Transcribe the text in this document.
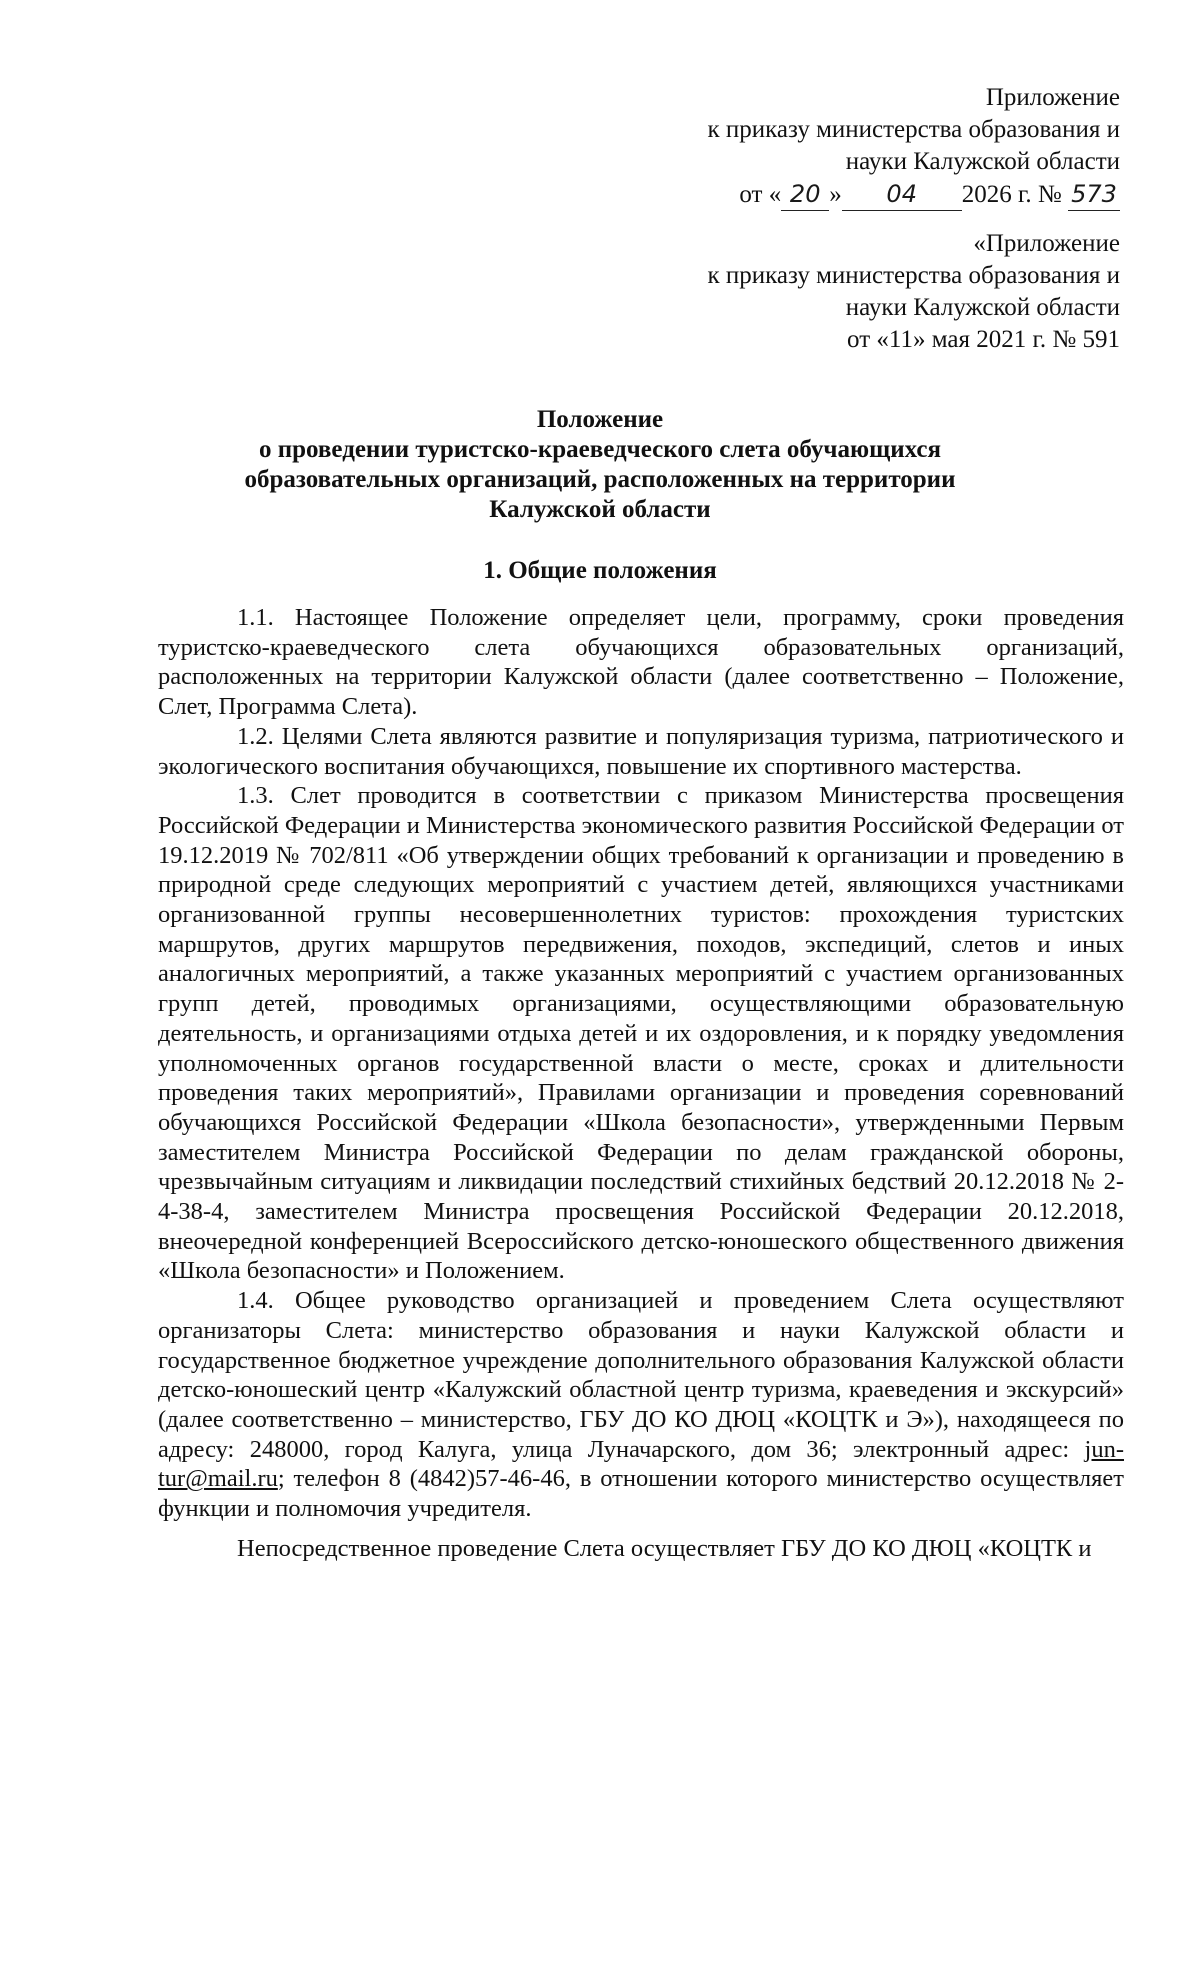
Приложение
к приказу министерства образования и
науки Калужской области
от « 20 » 04 2026 г. № 573
«Приложение
к приказу министерства образования и
науки Калужской области
от «11» мая 2021 г. № 591
Положение
о проведении туристско-краеведческого слета обучающихся
образовательных организаций, расположенных на территории
Калужской области
1. Общие положения

1.1. Настоящее Положение определяет цели, программу, сроки проведения туристско-краеведческого слета обучающихся образовательных организаций, расположенных на территории Калужской области (далее соответственно – Положение, Слет, Программа Слета).

1.2. Целями Слета являются развитие и популяризация туризма, патриотического и экологического воспитания обучающихся, повышение их спортивного мастерства.

1.3. Слет проводится в соответствии с приказом Министерства просвещения Российской Федерации и Министерства экономического развития Российской Федерации от 19.12.2019 № 702/811 «Об утверждении общих требований к организации и проведению в природной среде следующих мероприятий с участием детей, являющихся участниками организованной группы несовершеннолетних туристов: прохождения туристских маршрутов, других маршрутов передвижения, походов, экспедиций, слетов и иных аналогичных мероприятий, а также указанных мероприятий с участием организованных групп детей, проводимых организациями, осуществляющими образовательную деятельность, и организациями отдыха детей и их оздоровления, и к порядку уведомления уполномоченных органов государственной власти о месте, сроках и длительности проведения таких мероприятий», Правилами организации и проведения соревнований обучающихся Российской Федерации «Школа безопасности», утвержденными Первым заместителем Министра Российской Федерации по делам гражданской обороны, чрезвычайным ситуациям и ликвидации последствий стихийных бедствий 20.12.2018 № 2-4-38-4, заместителем Министра просвещения Российской Федерации 20.12.2018, внеочередной конференцией Всероссийского детско-юношеского общественного движения «Школа безопасности» и Положением.

1.4. Общее руководство организацией и проведением Слета осуществляют организаторы Слета: министерство образования и науки Калужской области и государственное бюджетное учреждение дополнительного образования Калужской области детско-юношеский центр «Калужский областной центр туризма, краеведения и экскурсий» (далее соответственно – министерство, ГБУ ДО КО ДЮЦ «КОЦТК и Э»), находящееся по адресу: 248000, город Калуга, улица Луначарского, дом 36; электронный адрес: jun-tur@mail.ru; телефон 8 (4842)57-46-46, в отношении которого министерство осуществляет функции и полномочия учредителя.

Непосредственное проведение Слета осуществляет ГБУ ДО КО ДЮЦ «КОЦТК и
